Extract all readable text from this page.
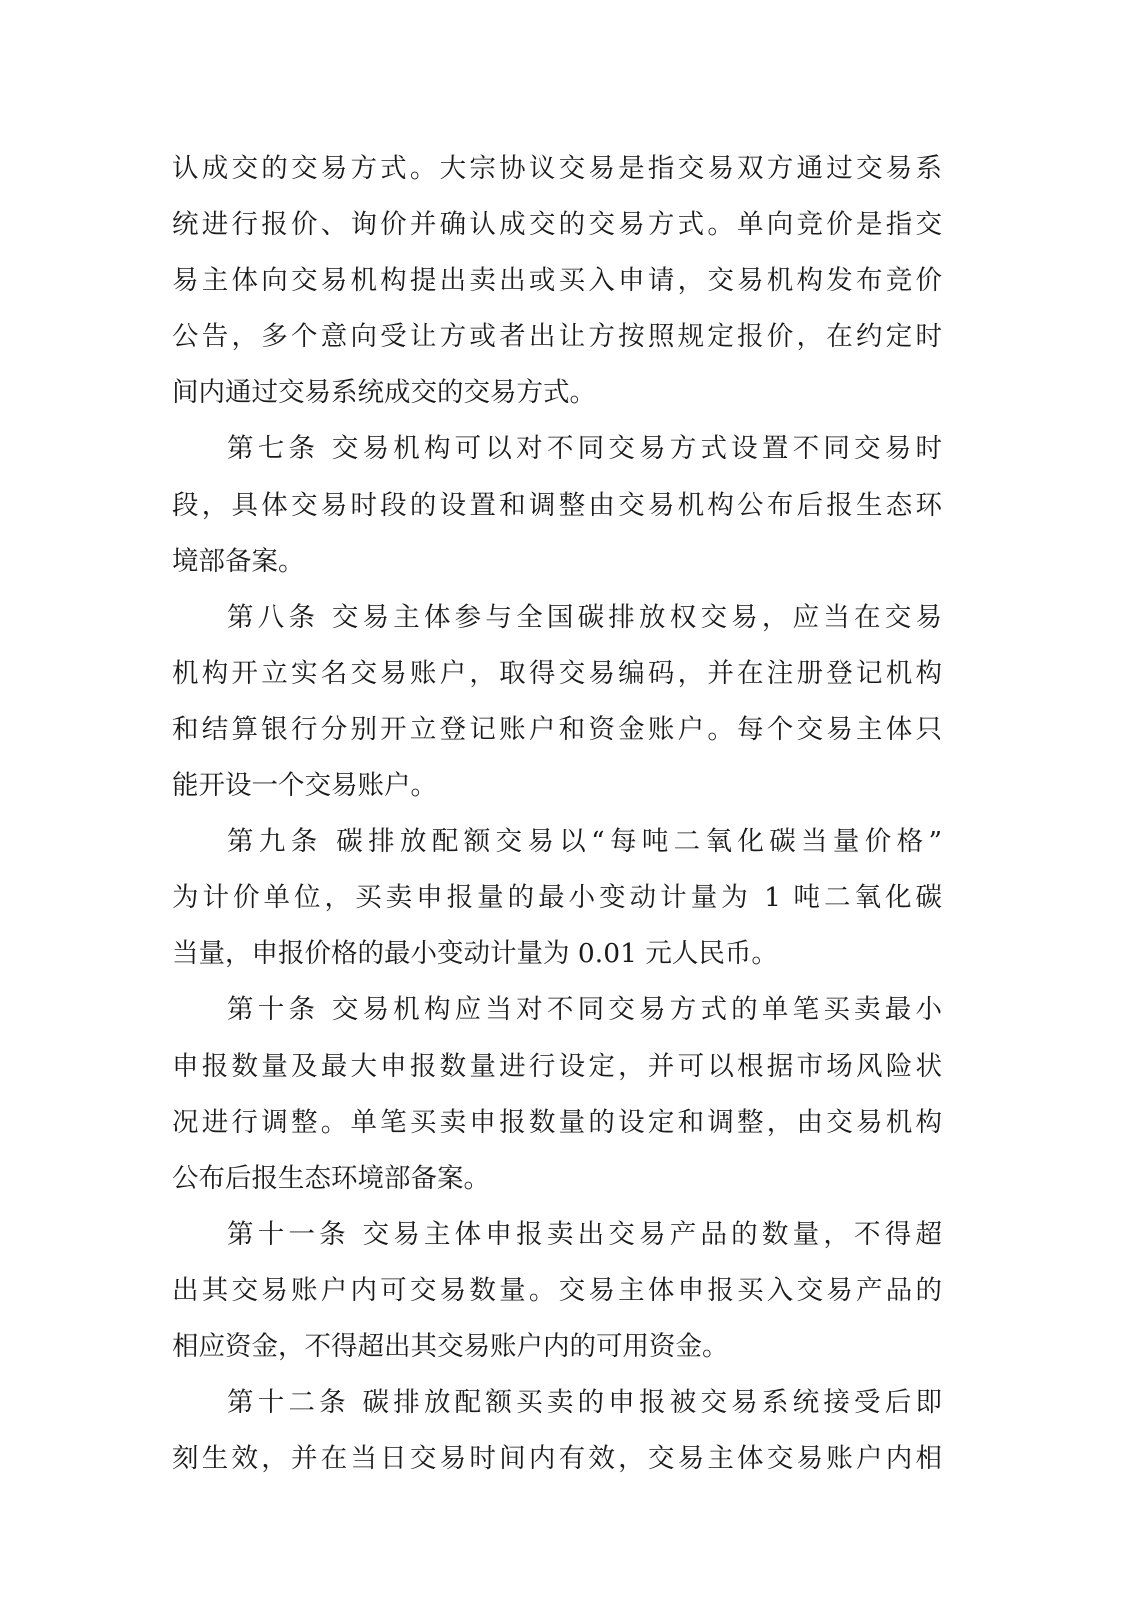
认成交的交易方式。大宗协议交易是指交易双方通过交易系
统进行报价、询价并确认成交的交易方式。单向竞价是指交
易主体向交易机构提出卖出或买入申请，交易机构发布竞价
公告，多个意向受让方或者出让方按照规定报价，在约定时
间内通过交易系统成交的交易方式。
第七条 交易机构可以对不同交易方式设置不同交易时
段，具体交易时段的设置和调整由交易机构公布后报生态环
境部备案。
第八条 交易主体参与全国碳排放权交易，应当在交易
机构开立实名交易账户，取得交易编码，并在注册登记机构
和结算银行分别开立登记账户和资金账户。每个交易主体只
能开设一个交易账户。
第九条 碳排放配额交易以“每吨二氧化碳当量价格”
为计价单位，买卖申报量的最小变动计量为 1 吨二氧化碳
当量，申报价格的最小变动计量为 0.01 元人民币。
第十条 交易机构应当对不同交易方式的单笔买卖最小
申报数量及最大申报数量进行设定，并可以根据市场风险状
况进行调整。单笔买卖申报数量的设定和调整，由交易机构
公布后报生态环境部备案。
第十一条 交易主体申报卖出交易产品的数量，不得超
出其交易账户内可交易数量。交易主体申报买入交易产品的
相应资金，不得超出其交易账户内的可用资金。
第十二条 碳排放配额买卖的申报被交易系统接受后即
刻生效，并在当日交易时间内有效，交易主体交易账户内相
